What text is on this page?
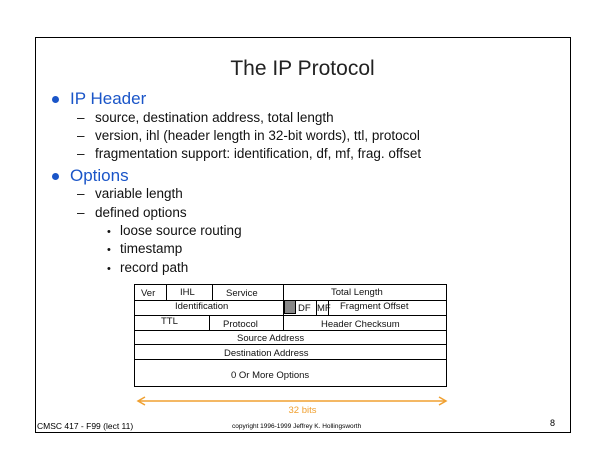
The IP Protocol
IP Header
– source, destination address, total length
– version, ihl (header length in 32-bit words), ttl, protocol
– fragmentation support: identification, df, mf, frag. offset
Options
– variable length
– defined options
• loose source routing
• timestamp
• record path
Ver	IHL	Service	Total Length
Identification	DF MF Fragment Offset
TTL	Protocol	Header Checksum
Source Address
Destination Address
0 Or More Options
32 bits
CMSC 417 - F99 (lect 11)	copyright 1996-1999 Jeffrey K. Hollingsworth	8
